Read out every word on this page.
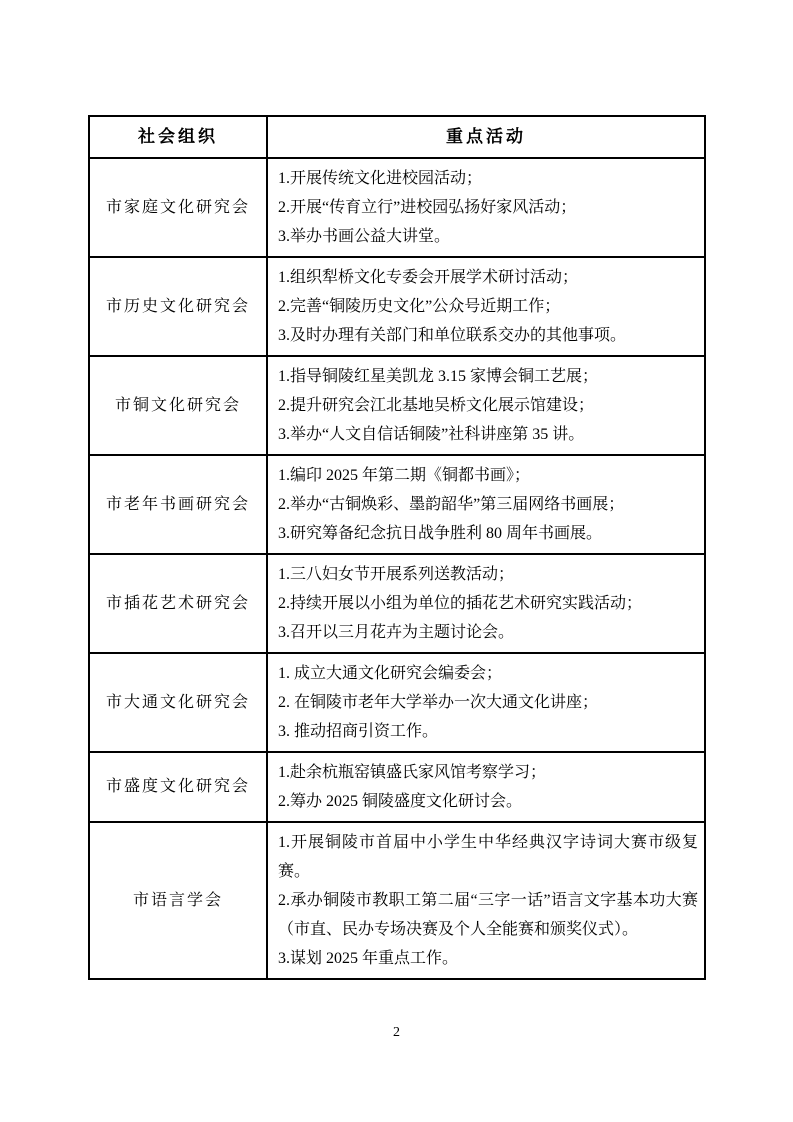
社会组织	重点活动
市家庭文化研究会	1.开展传统文化进校园活动；
2.开展“传育立行”进校园弘扬好家风活动；
3.举办书画公益大讲堂。

市历史文化研究会	1.组织犁桥文化专委会开展学术研讨活动；
2.完善“铜陵历史文化”公众号近期工作；
3.及时办理有关部门和单位联系交办的其他事项。

市铜文化研究会	1.指导铜陵红星美凯龙 3.15 家博会铜工艺展；
2.提升研究会江北基地吴桥文化展示馆建设；
3.举办“人文自信话铜陵”社科讲座第 35 讲。

市老年书画研究会	1.编印 2025 年第二期《铜都书画》；
2.举办“古铜焕彩、墨韵韶华”第三届网络书画展；
3.研究筹备纪念抗日战争胜利 80 周年书画展。

市插花艺术研究会	1.三八妇女节开展系列送教活动；
2.持续开展以小组为单位的插花艺术研究实践活动；
3.召开以三月花卉为主题讨论会。

市大通文化研究会	1. 成立大通文化研究会编委会；
2. 在铜陵市老年大学举办一次大通文化讲座；
3. 推动招商引资工作。

市盛度文化研究会	1.赴余杭瓶窑镇盛氏家风馆考察学习；
2.筹办 2025 铜陵盛度文化研讨会。

市语言学会	1.开展铜陵市首届中小学生中华经典汉字诗词大赛市级复赛。
2.承办铜陵市教职工第二届“三字一话”语言文字基本功大赛（市直、民办专场决赛及个人全能赛和颁奖仪式）。
3.谋划 2025 年重点工作。
2
